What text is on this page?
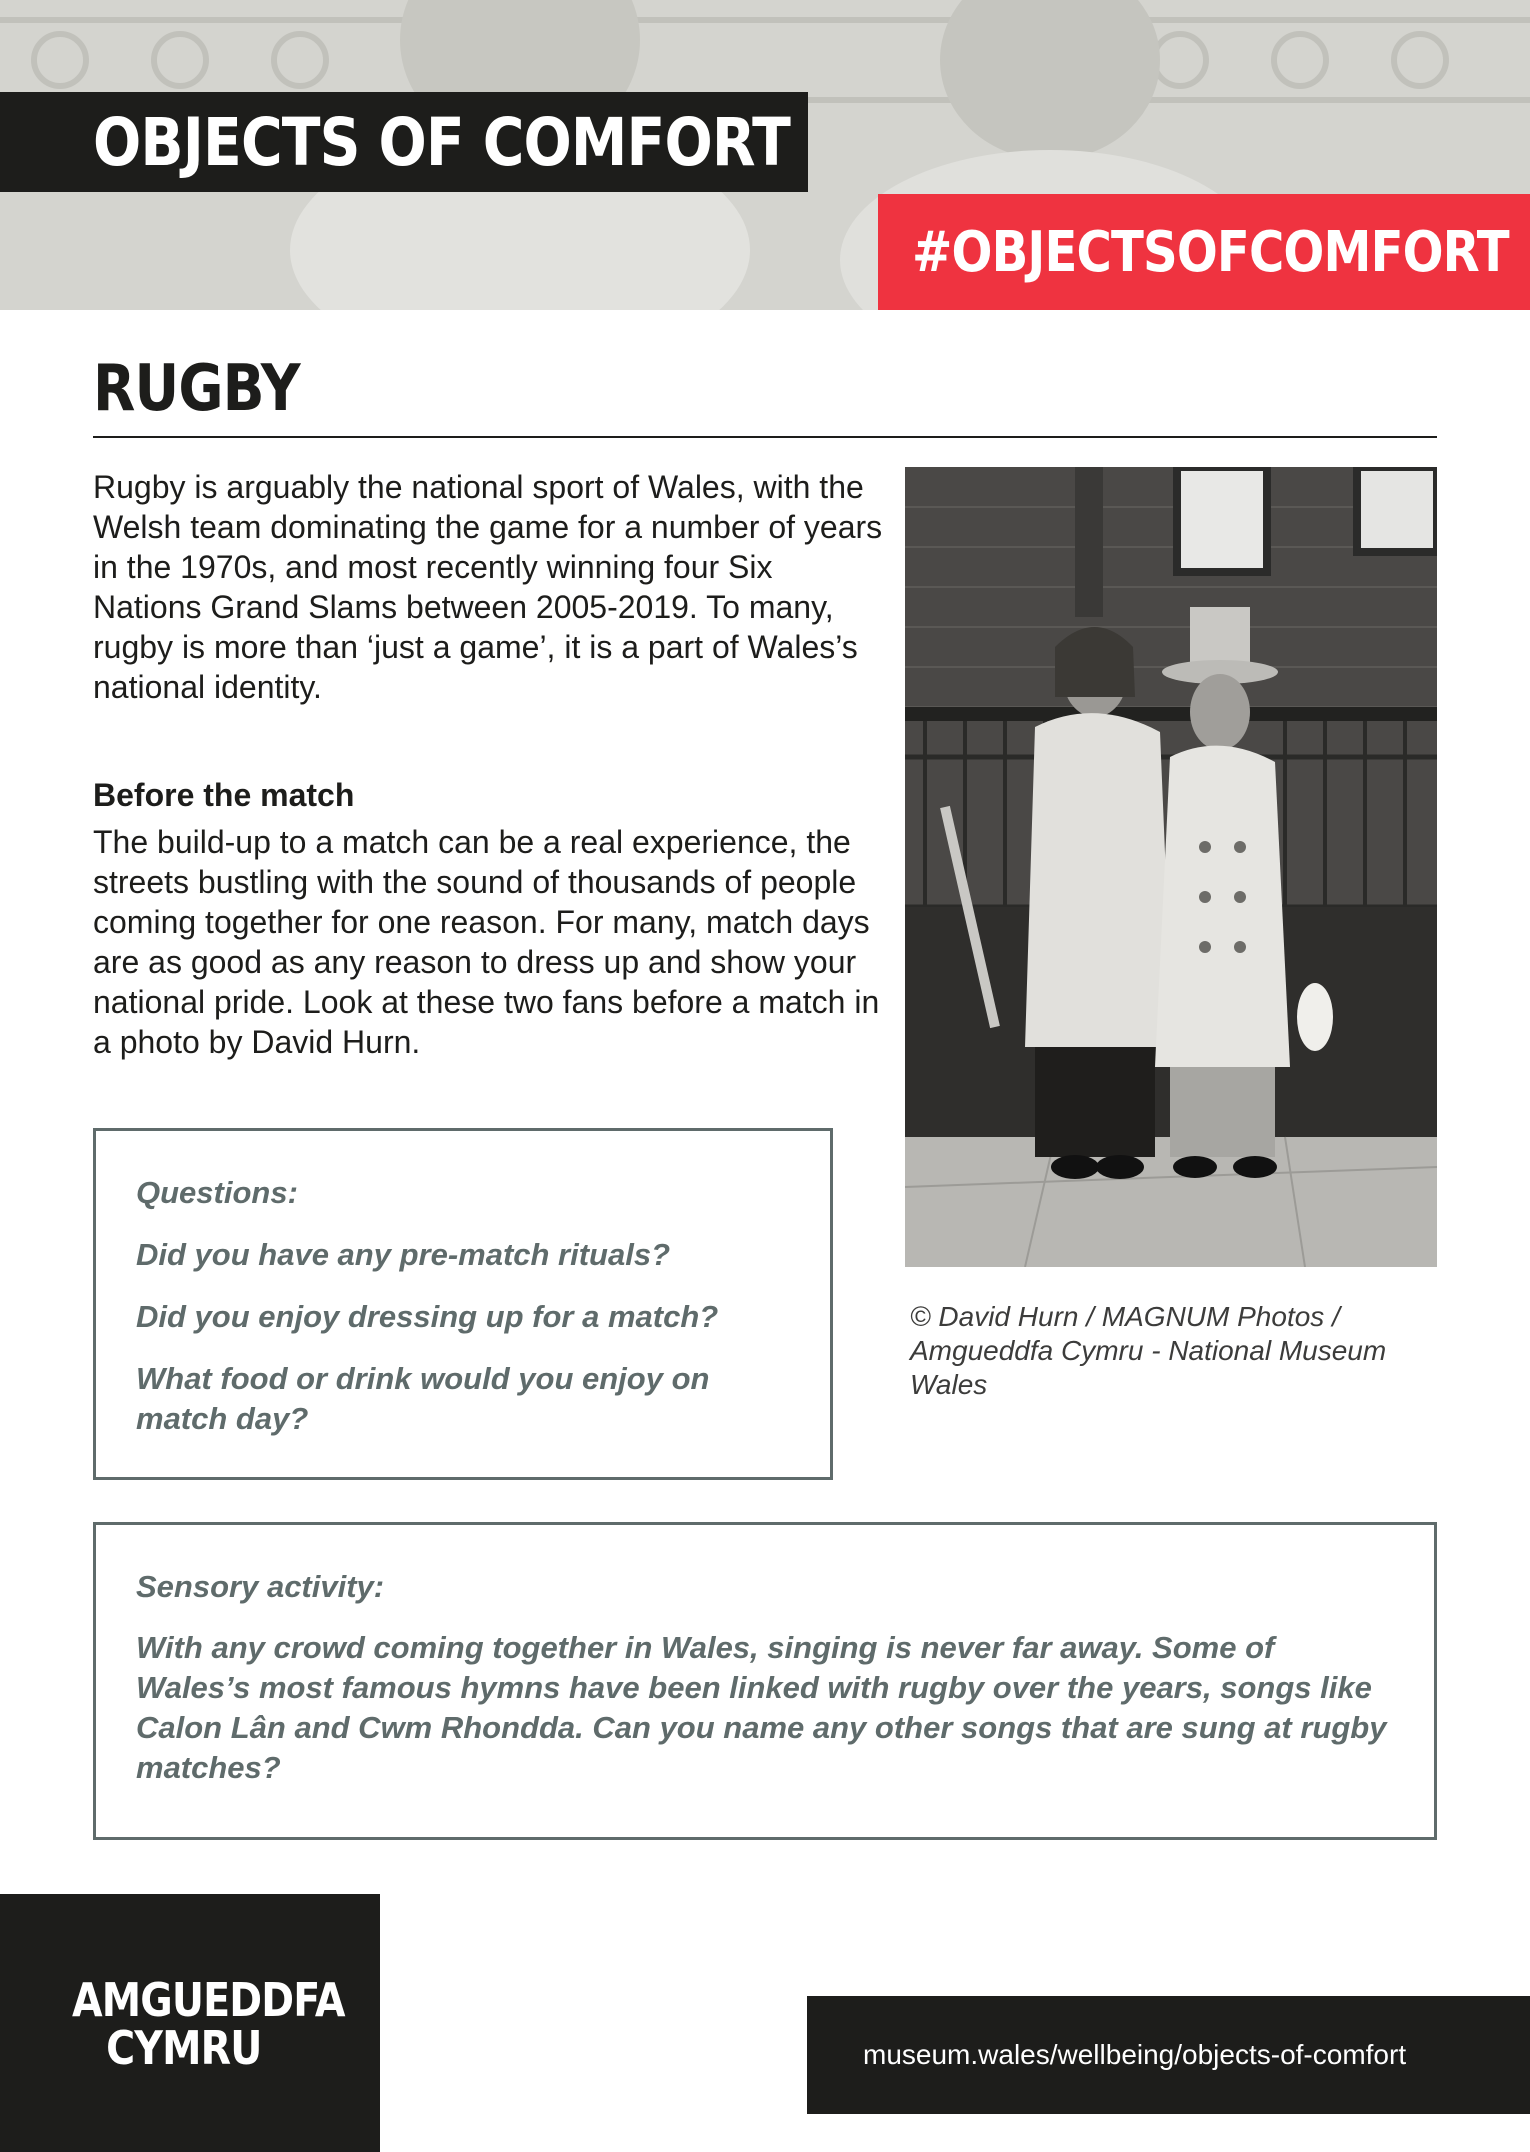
OBJECTS OF COMFORT
#OBJECTSOFCOMFORT
RUGBY

Rugby is arguably the national sport of Wales, with the Welsh team dominating the game for a number of years in the 1970s, and most recently winning four Six Nations Grand Slams between 2005-2019. To many, rugby is more than ‘just a game’, it is a part of Wales’s national identity.

Before the match

The build-up to a match can be a real experience, the streets bustling with the sound of thousands of people coming together for one reason. For many, match days are as good as any reason to dress up and show your national pride. Look at these two fans before a match in a photo by David Hurn.

© David Hurn / MAGNUM Photos / Amgueddfa Cymru - National Museum Wales

Questions:

Did you have any pre-match rituals?

Did you enjoy dressing up for a match?

What food or drink would you enjoy on match day?

Sensory activity:

With any crowd coming together in Wales, singing is never far away. Some of Wales’s most famous hymns have been linked with rugby over the years, songs like Calon Lân and Cwm Rhondda. Can you name any other songs that are sung at rugby matches?

AMGUEDDFA
CYMRU	museum.wales/wellbeing/objects-of-comfort
